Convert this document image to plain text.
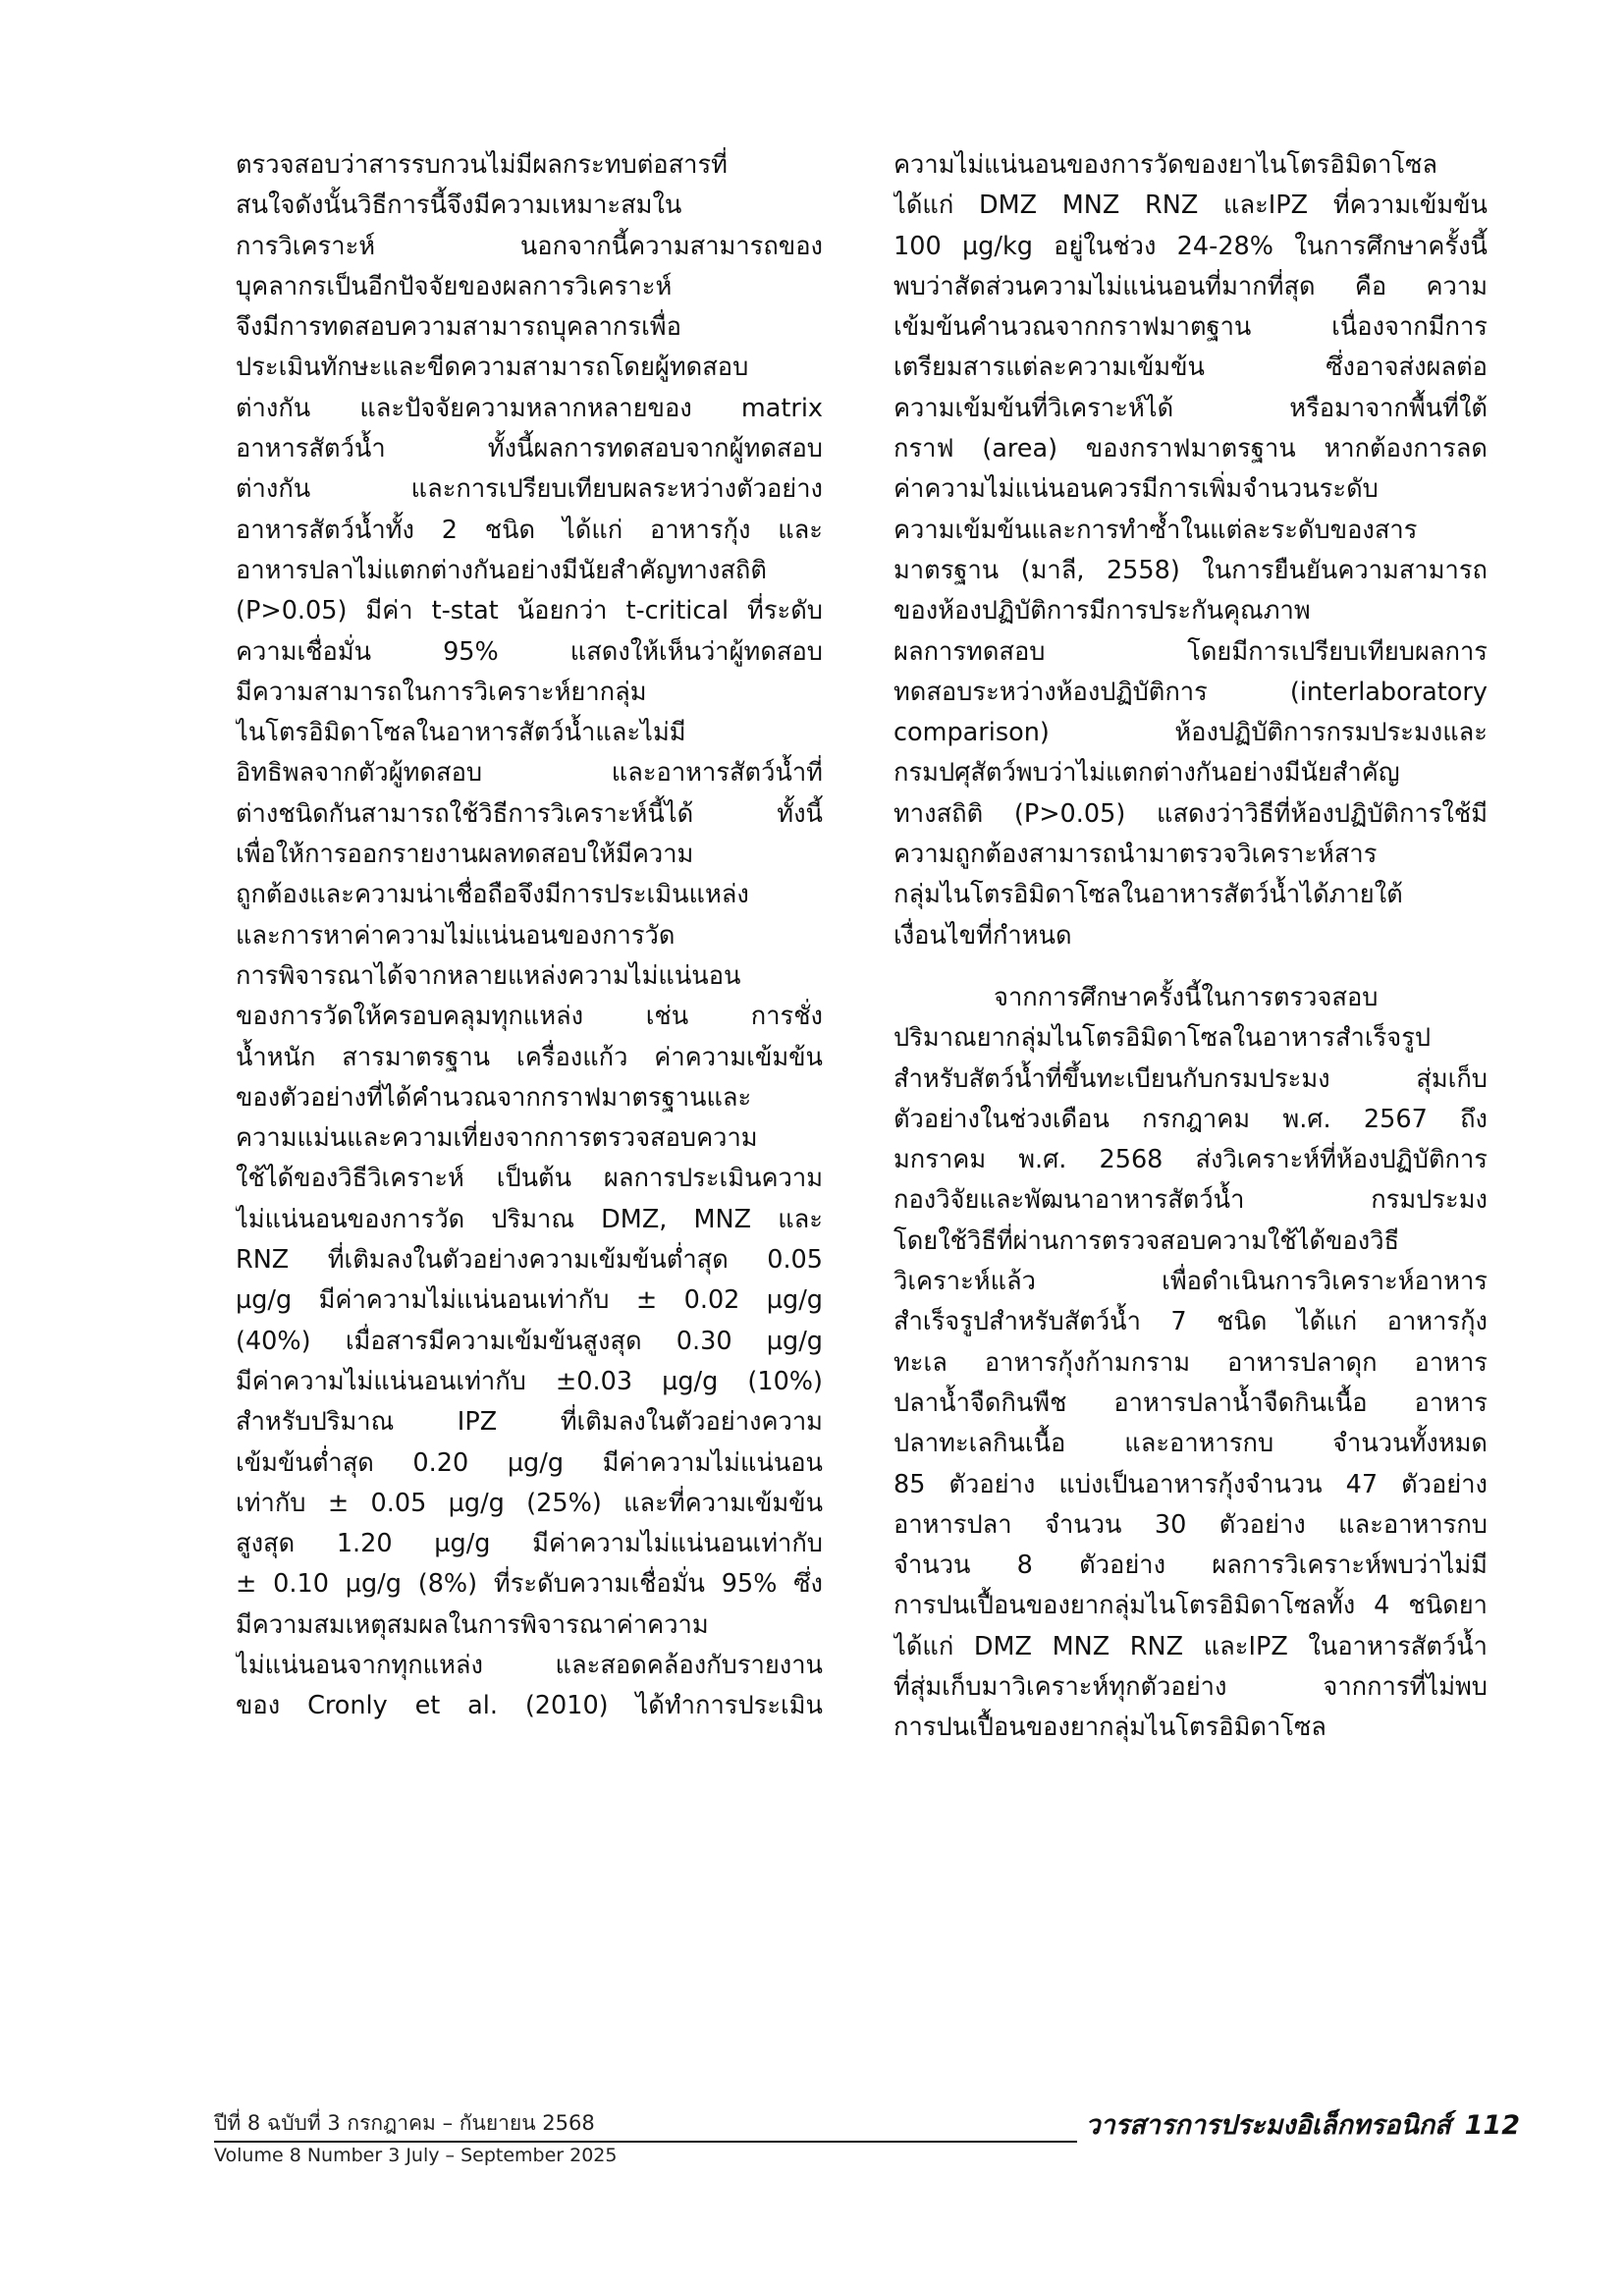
ตรวจสอบว่าสารรบกวนไม่มีผลกระทบต่อสารที่
สนใจดังนั้นวิธีการนี้จึงมีความเหมาะสมใน
การวิเคราะห์ นอกจากนี้ความสามารถของ
บุคลากรเป็นอีกปัจจัยของผลการวิเคราะห์
จึงมีการทดสอบความสามารถบุคลากรเพื่อ
ประเมินทักษะและขีดความสามารถโดยผู้ทดสอบ
ต่างกัน และปัจจัยความหลากหลายของ matrix
อาหารสัตว์น้ำ ทั้งนี้ผลการทดสอบจากผู้ทดสอบ
ต่างกัน และการเปรียบเทียบผลระหว่างตัวอย่าง
อาหารสัตว์น้ำทั้ง 2 ชนิด ได้แก่ อาหารกุ้ง และ
อาหารปลาไม่แตกต่างกันอย่างมีนัยสำคัญทางสถิติ
(P>0.05) มีค่า t-stat น้อยกว่า t-critical ที่ระดับ
ความเชื่อมั่น 95% แสดงให้เห็นว่าผู้ทดสอบ
มีความสามารถในการวิเคราะห์ยากลุ่ม
ไนโตรอิมิดาโซลในอาหารสัตว์น้ำและไม่มี
อิทธิพลจากตัวผู้ทดสอบ และอาหารสัตว์น้ำที่
ต่างชนิดกันสามารถใช้วิธีการวิเคราะห์นี้ได้ ทั้งนี้
เพื่อให้การออกรายงานผลทดสอบให้มีความ
ถูกต้องและความน่าเชื่อถือจึงมีการประเมินแหล่ง
และการหาค่าความไม่แน่นอนของการวัด
การพิจารณาได้จากหลายแหล่งความไม่แน่นอน
ของการวัดให้ครอบคลุมทุกแหล่ง เช่น การชั่ง
น้ำหนัก สารมาตรฐาน เครื่องแก้ว ค่าความเข้มข้น
ของตัวอย่างที่ได้คำนวณจากกราฟมาตรฐานและ
ความแม่นและความเที่ยงจากการตรวจสอบความ
ใช้ได้ของวิธีวิเคราะห์ เป็นต้น ผลการประเมินความ
ไม่แน่นอนของการวัด ปริมาณ DMZ, MNZ และ
RNZ ที่เติมลงในตัวอย่างความเข้มข้นต่ำสุด 0.05
µg/g มีค่าความไม่แน่นอนเท่ากับ ± 0.02 µg/g
(40%) เมื่อสารมีความเข้มข้นสูงสุด 0.30 µg/g
มีค่าความไม่แน่นอนเท่ากับ ±0.03 µg/g (10%)
สำหรับปริมาณ IPZ ที่เติมลงในตัวอย่างความ
เข้มข้นต่ำสุด 0.20 µg/g มีค่าความไม่แน่นอน
เท่ากับ ± 0.05 µg/g (25%) และที่ความเข้มข้น
สูงสุด 1.20 µg/g มีค่าความไม่แน่นอนเท่ากับ
± 0.10 µg/g (8%) ที่ระดับความเชื่อมั่น 95% ซึ่ง
มีความสมเหตุสมผลในการพิจารณาค่าความ
ไม่แน่นอนจากทุกแหล่ง และสอดคล้องกับรายงาน
ของ Cronly et al. (2010) ได้ทำการประเมิน
ความไม่แน่นอนของการวัดของยาไนโตรอิมิดาโซล
ได้แก่ DMZ MNZ RNZ และIPZ ที่ความเข้มข้น
100 µg/kg อยู่ในช่วง 24-28% ในการศึกษาครั้งนี้
พบว่าสัดส่วนความไม่แน่นอนที่มากที่สุด คือ ความ
เข้มข้นคำนวณจากกราฟมาตฐาน เนื่องจากมีการ
เตรียมสารแต่ละความเข้มข้น ซึ่งอาจส่งผลต่อ
ความเข้มข้นที่วิเคราะห์ได้ หรือมาจากพื้นที่ใต้
กราฟ (area) ของกราฟมาตรฐาน หากต้องการลด
ค่าความไม่แน่นอนควรมีการเพิ่มจำนวนระดับ
ความเข้มข้นและการทำซ้ำในแต่ละระดับของสาร
มาตรฐาน (มาลี, 2558) ในการยืนยันความสามารถ
ของห้องปฏิบัติการมีการประกันคุณภาพ
ผลการทดสอบ โดยมีการเปรียบเทียบผลการ
ทดสอบระหว่างห้องปฏิบัติการ (interlaboratory
comparison) ห้องปฏิบัติการกรมประมงและ
กรมปศุสัตว์พบว่าไม่แตกต่างกันอย่างมีนัยสำคัญ
ทางสถิติ (P>0.05) แสดงว่าวิธีที่ห้องปฏิบัติการใช้มี
ความถูกต้องสามารถนำมาตรวจวิเคราะห์สาร
กลุ่มไนโตรอิมิดาโซลในอาหารสัตว์น้ำได้ภายใต้
เงื่อนไขที่กำหนด
จากการศึกษาครั้งนี้ในการตรวจสอบ
ปริมาณยากลุ่มไนโตรอิมิดาโซลในอาหารสำเร็จรูป
สำหรับสัตว์น้ำที่ขึ้นทะเบียนกับกรมประมง สุ่มเก็บ
ตัวอย่างในช่วงเดือน กรกฎาคม พ.ศ. 2567 ถึง
มกราคม พ.ศ. 2568 ส่งวิเคราะห์ที่ห้องปฏิบัติการ
กองวิจัยและพัฒนาอาหารสัตว์น้ำ กรมประมง
โดยใช้วิธีที่ผ่านการตรวจสอบความใช้ได้ของวิธี
วิเคราะห์แล้ว เพื่อดำเนินการวิเคราะห์อาหาร
สำเร็จรูปสำหรับสัตว์น้ำ 7 ชนิด ได้แก่ อาหารกุ้ง
ทะเล อาหารกุ้งก้ามกราม อาหารปลาดุก อาหาร
ปลาน้ำจืดกินพืช อาหารปลาน้ำจืดกินเนื้อ อาหาร
ปลาทะเลกินเนื้อ และอาหารกบ จำนวนทั้งหมด
85 ตัวอย่าง แบ่งเป็นอาหารกุ้งจำนวน 47 ตัวอย่าง
อาหารปลา จำนวน 30 ตัวอย่าง และอาหารกบ
จำนวน 8 ตัวอย่าง ผลการวิเคราะห์พบว่าไม่มี
การปนเปื้อนของยากลุ่มไนโตรอิมิดาโซลทั้ง 4 ชนิดยา
ได้แก่ DMZ MNZ RNZ และIPZ ในอาหารสัตว์น้ำ
ที่สุ่มเก็บมาวิเคราะห์ทุกตัวอย่าง จากการที่ไม่พบ
การปนเปื้อนของยากลุ่มไนโตรอิมิดาโซล
ปีที่ 8 ฉบับที่ 3 กรกฎาคม – กันยายน 2568
Volume 8 Number 3 July – September 2025
วารสารการประมงอิเล็กทรอนิกส์ 112
